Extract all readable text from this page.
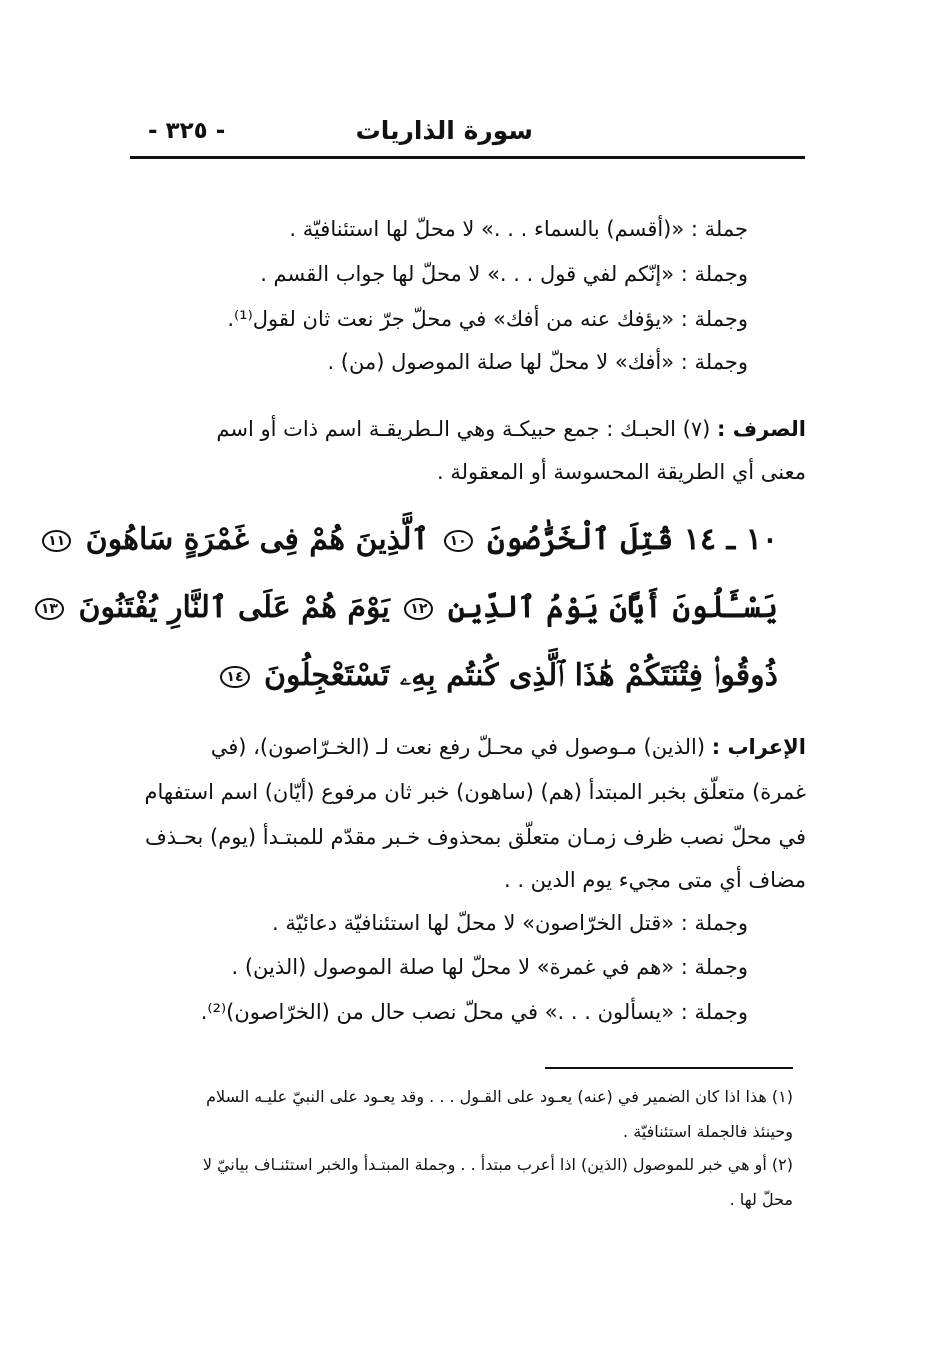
- ٣٢٥ -	سورة الذاريات
جملة : «(أقسم) بالسماء . . .» لا محلّ لها استئنافيّة .
وجملة : «إنّكم لفي قول . . .» لا محلّ لها جواب القسم .
وجملة : «يؤفك عنه من أفك» في محلّ جرّ نعت ثان لقول⁽¹⁾.
وجملة : «أفك» لا محلّ لها صلة الموصول (من) .
الصرف : (٧) الحبـك : جمع حبيكـة وهي الـطريقـة اسم ذات أو اسم
معنى أي الطريقة المحسوسة أو المعقولة .
١٠ ـ ١٤ قُتِلَ ٱلْخَرَّٰصُونَ ١٠ ٱلَّذِينَ هُمْ فِى غَمْرَةٍ سَاهُونَ ١١
يَسْـَٔلُونَ أَيَّانَ يَوْمُ ٱلدِّينِ ١٢ يَوْمَ هُمْ عَلَى ٱلنَّارِ يُفْتَنُونَ ١٣
ذُوقُوا۟ فِتْنَتَكُمْ هَٰذَا ٱلَّذِى كُنتُم بِهِۦ تَسْتَعْجِلُونَ ١٤
الإعراب : (الذين) مـوصول في محـلّ رفع نعت لـ (الخـرّاصون)، (في
غمرة) متعلّق بخبر المبتدأ (هم) (ساهون) خبر ثان مرفوع (أيّان) اسم استفهام
في محلّ نصب ظرف زمـان متعلّق بمحذوف خـبر مقدّم للمبتـدأ (يوم) بحـذف
مضاف أي متى مجيء يوم الدين . .
وجملة : «قتل الخرّاصون» لا محلّ لها استئنافيّة دعائيّة .
وجملة : «هم في غمرة» لا محلّ لها صلة الموصول (الذين) .
وجملة : «يسألون . . .» في محلّ نصب حال من (الخرّاصون)⁽²⁾.
(١) هذا اذا كان الضمير في (عنه) يعـود على القـول . . . وقد يعـود على النبيّ عليـه السلام
وحينئذ فالجملة استئنافيّة .
(٢) أو هي خبر للموصول (الذين) اذا أعرب مبتدأ . . وجملة المبتـدأ والخبر استئنـاف بيانيّ لا
محلّ لها .
